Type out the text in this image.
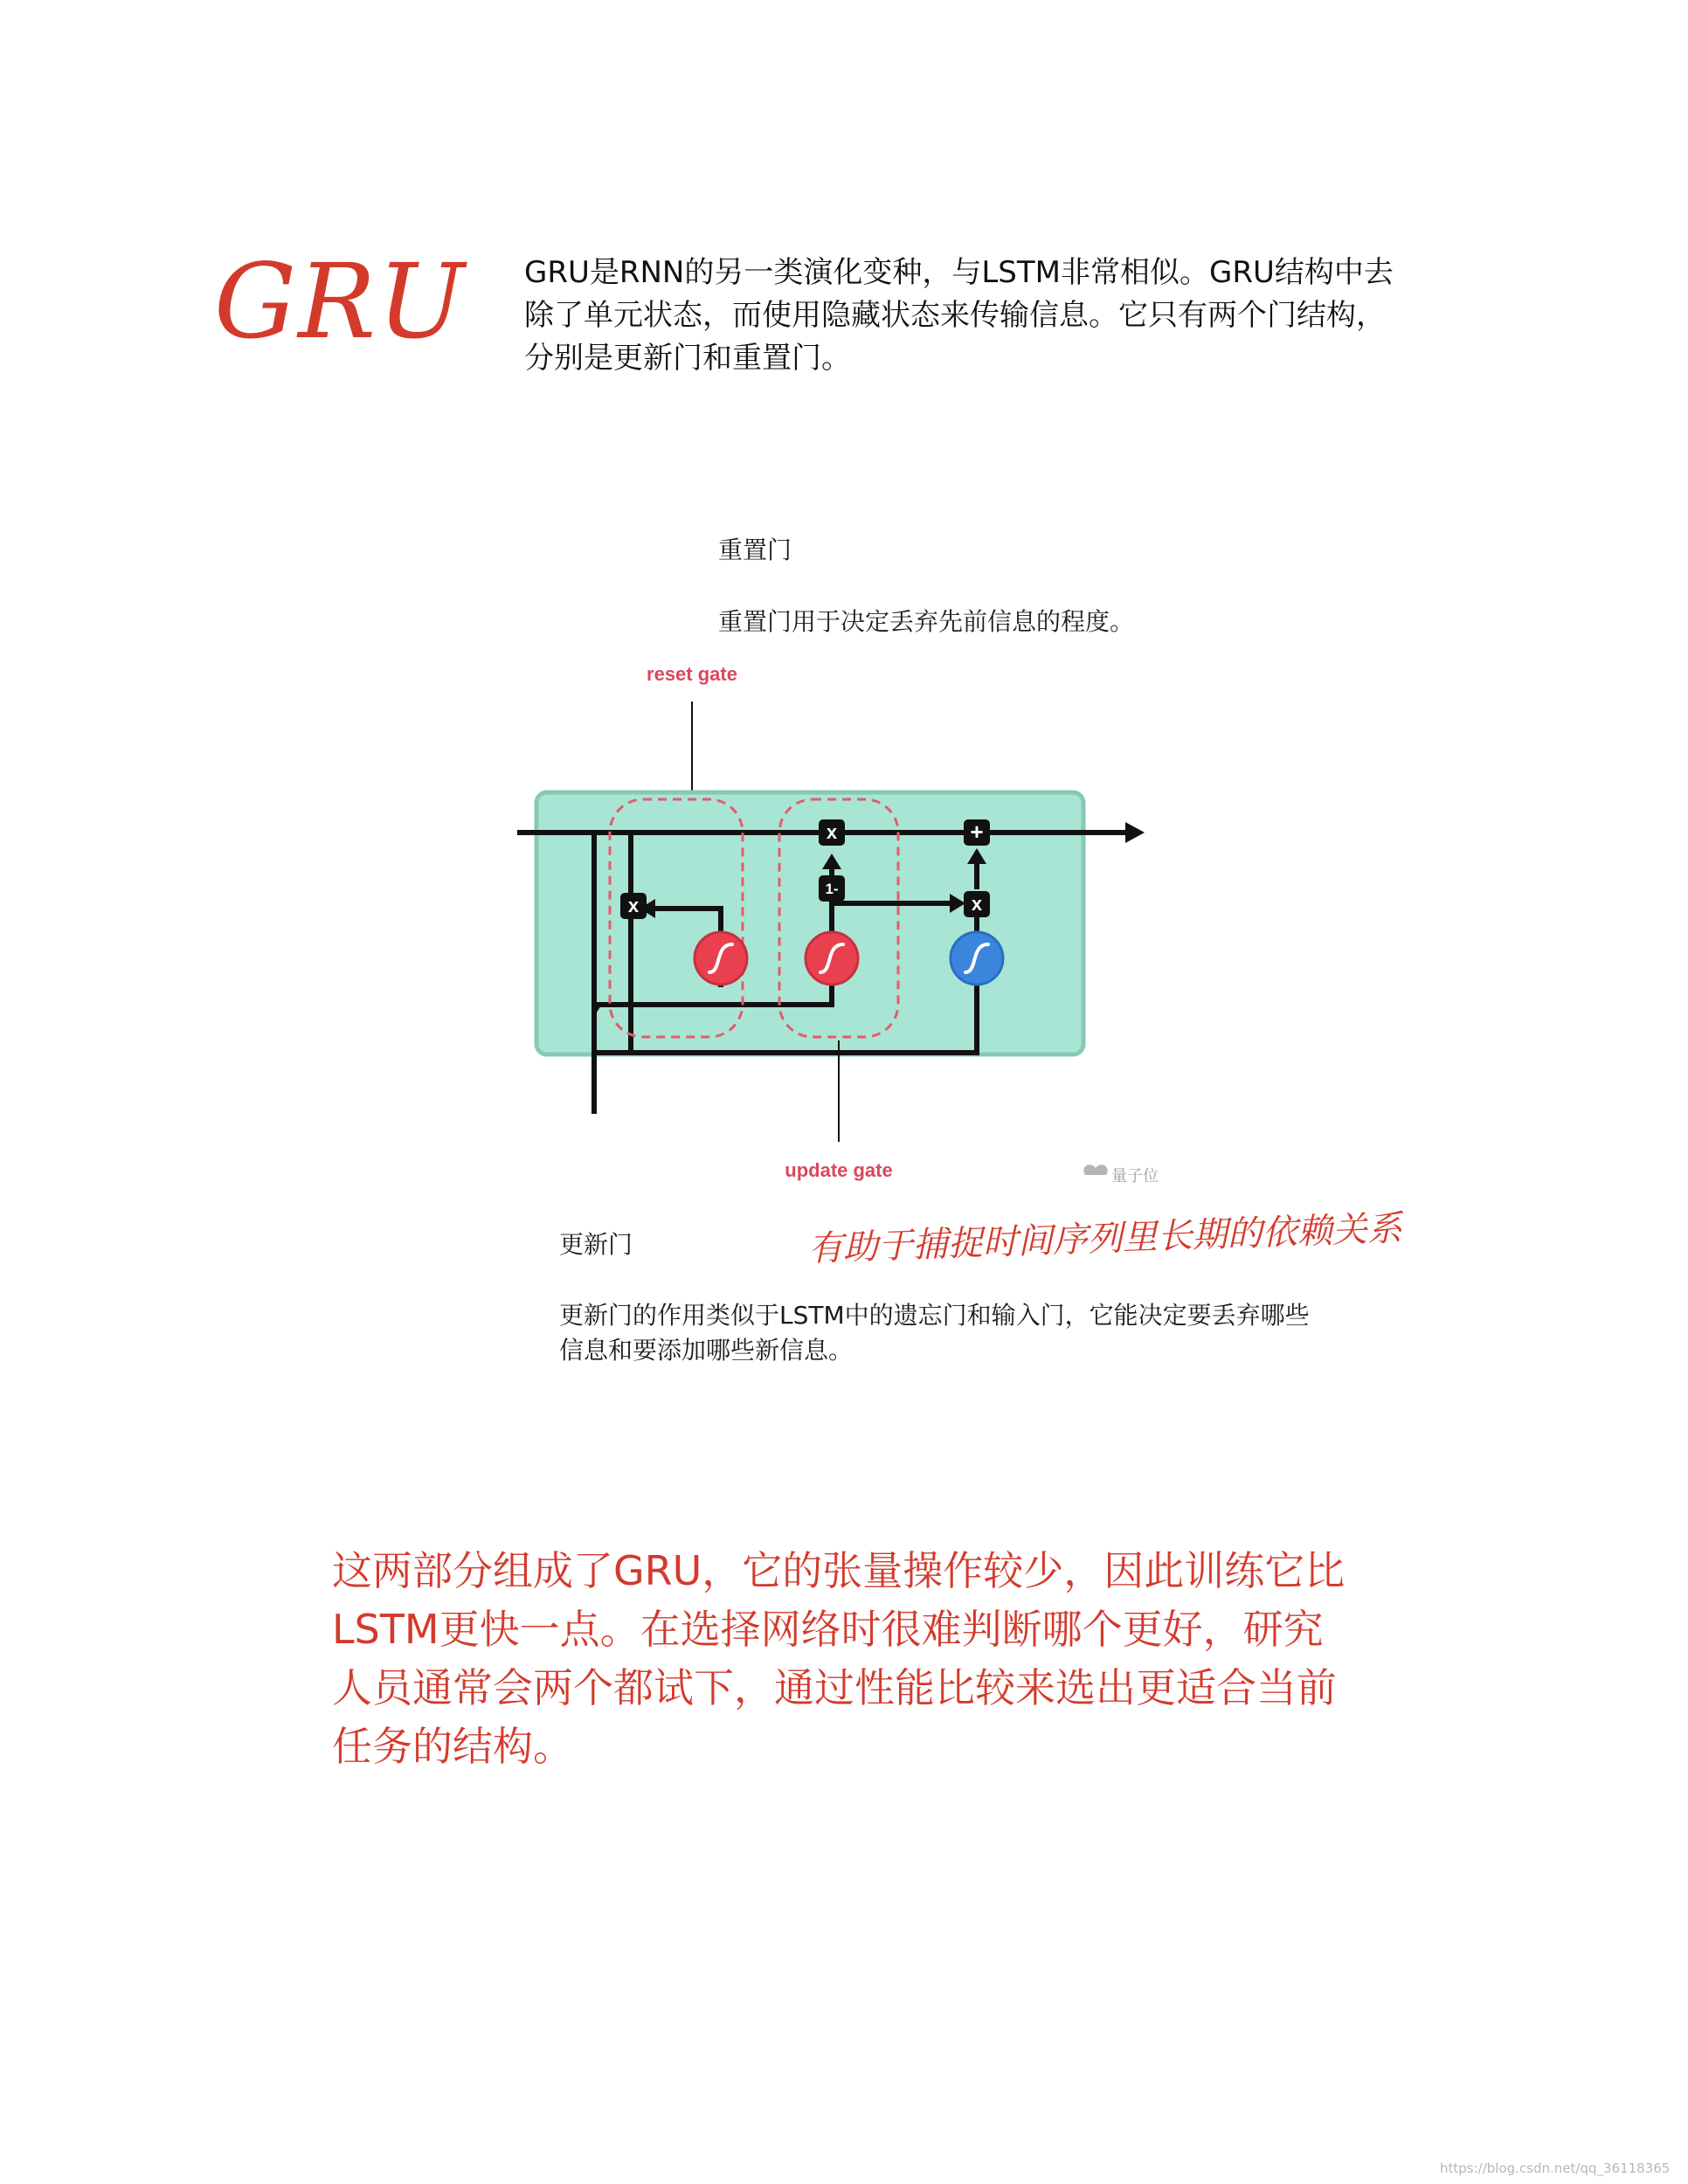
GRU GRU是RNN的另一类演化变种，与LSTM非常相似。GRU结构中去
除了单元状态，而使用隐藏状态来传输信息。它只有两个门结构，
分别是更新门和重置门。
重置门
重置门用于决定丢弃先前信息的程度。
reset gate
x
x	+
1-
x
update gate	量子位
更新门	有助于捕捉时间序列里长期的依赖关系
更新门的作用类似于LSTM中的遗忘门和输入门，它能决定要丢弃哪些
信息和要添加哪些新信息。
这两部分组成了GRU，它的张量操作较少，因此训练它比
LSTM更快一点。在选择网络时很难判断哪个更好，研究
人员通常会两个都试下，通过性能比较来选出更适合当前
任务的结构。
https://blog.csdn.net/qq_36118365
